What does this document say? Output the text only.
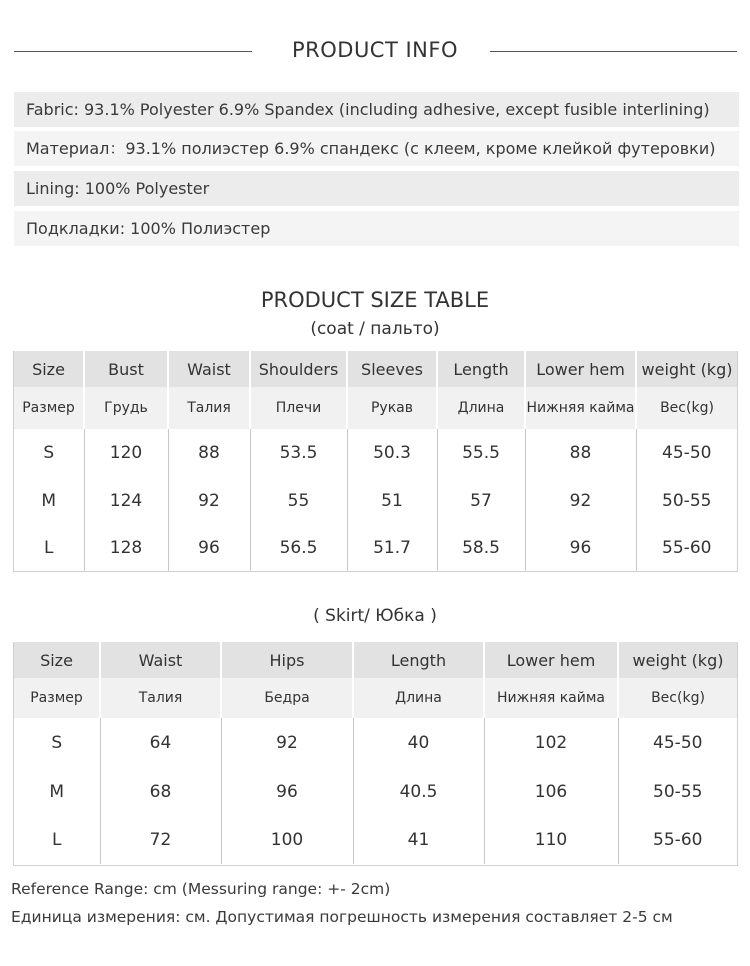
PRODUCT INFO
Fabric: 93.1% Polyester 6.9% Spandex (including adhesive, except fusible interlining)
Материал：93.1% полиэстер 6.9% спандекс (с клеем, кроме клейкой футеровки)
Lining: 100% Polyester
Подкладки: 100% Полиэстер
PRODUCT SIZE TABLE
(coat / пальто)
Size	Bust	Waist	Shoulders	Sleeves	Length	Lower hem	weight (kg)
Размер	Грудь	Талия	Плечи	Рукав	Длина	Нижняя кайма	Вес(kg)
S	120	88	53.5	50.3	55.5	88	45-50
M	124	92	55	51	57	92	50-55
L	128	96	56.5	51.7	58.5	96	55-60
( Skirt/ Юбка )
Size	Waist	Hips	Length	Lower hem	weight (kg)
Размер	Талия	Бедра	Длина	Нижняя кайма	Вес(kg)
S	64	92	40	102	45-50
M	68	96	40.5	106	50-55
L	72	100	41	110	55-60
Reference Range: cm (Messuring range: +- 2cm)
Единица измерения: см. Допустимая погрешность измерения составляет 2-5 см
